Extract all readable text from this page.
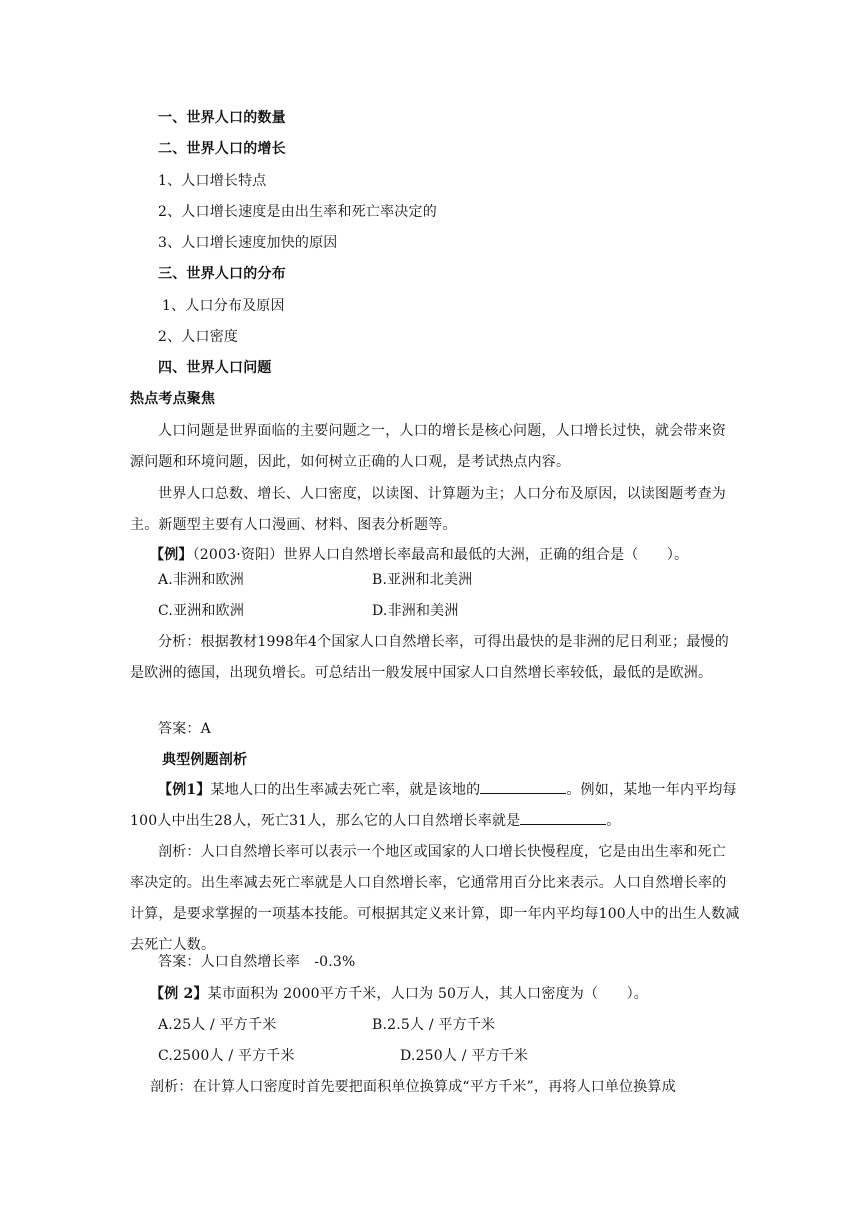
一、世界人口的数量
二、世界人口的增长
1、人口增长特点
2、人口增长速度是由出生率和死亡率决定的
3、人口增长速度加快的原因
三、世界人口的分布
1、人口分布及原因
2、人口密度
四、世界人口问题
热点考点聚焦
人口问题是世界面临的主要问题之一，人口的增长是核心问题，人口增长过快，就会带来资源问题和环境问题，因此，如何树立正确的人口观，是考试热点内容。
世界人口总数、增长、人口密度，以读图、计算题为主；人口分布及原因，以读图题考查为主。新题型主要有人口漫画、材料、图表分析题等。
【例】（2003·资阳）世界人口自然增长率最高和最低的大洲，正确的组合是（　　）。
A.非洲和欧洲	B.亚洲和北美洲
C.亚洲和欧洲	D.非洲和美洲
分析：根据教材1998年4个国家人口自然增长率，可得出最快的是非洲的尼日利亚；最慢的是欧洲的德国，出现负增长。可总结出一般发展中国家人口自然增长率较低，最低的是欧洲。
答案：A
典型例题剖析
【例1】某地人口的出生率减去死亡率，就是该地的	。例如，某地一年内平均每100人中出生28人，死亡31人，那么它的人口自然增长率就是	。
剖析：人口自然增长率可以表示一个地区或国家的人口增长快慢程度，它是由出生率和死亡率决定的。出生率减去死亡率就是人口自然增长率，它通常用百分比来表示。人口自然增长率的计算，是要求掌握的一项基本技能。可根据其定义来计算，即一年内平均每100人中的出生人数减去死亡人数。
答案：人口自然增长率　-0.3%
【例 2】某市面积为 2000平方千米，人口为 50万人，其人口密度为（　　）。
A.25人 / 平方千米	B.2.5人 / 平方千米
C.2500人 / 平方千米	D.250人 / 平方千米
剖析：在计算人口密度时首先要把面积单位换算成“平方千米”，再将人口单位换算成
